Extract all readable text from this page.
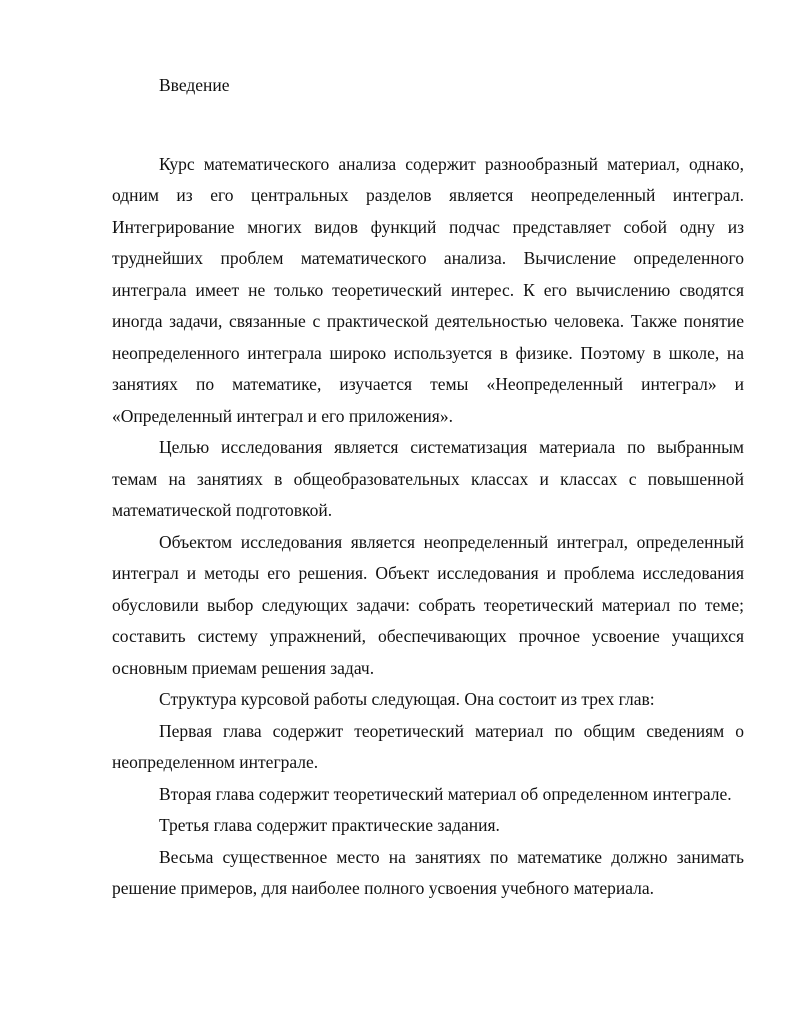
Введение

Курс математического анализа содержит разнообразный материал, однако, одним из его центральных разделов является неопределенный интеграл. Интегрирование многих видов функций подчас представляет собой одну из труднейших проблем математического анализа. Вычисление определенного интеграла имеет не только теоретический интерес. К его вычислению сводятся иногда задачи, связанные с практической деятельностью человека. Также понятие неопределенного интеграла широко используется в физике. Поэтому в школе, на занятиях по математике, изучается темы «Неопределенный интеграл» и «Определенный интеграл и его приложения».

Целью исследования является систематизация материала по выбранным темам на занятиях в общеобразовательных классах и классах с повышенной математической подготовкой.

Объектом исследования является неопределенный интеграл, определенный интеграл и методы его решения. Объект исследования и проблема исследования обусловили выбор следующих задачи: собрать теоретический материал по теме; составить систему упражнений, обеспечивающих прочное усвоение учащихся основным приемам решения задач.

Структура курсовой работы следующая. Она состоит из трех глав:

Первая глава содержит теоретический материал по общим сведениям о неопределенном интеграле.

Вторая глава содержит теоретический материал об определенном интеграле.

Третья глава содержит практические задания.

Весьма существенное место на занятиях по математике должно занимать решение примеров, для наиболее полного усвоения учебного материала.
